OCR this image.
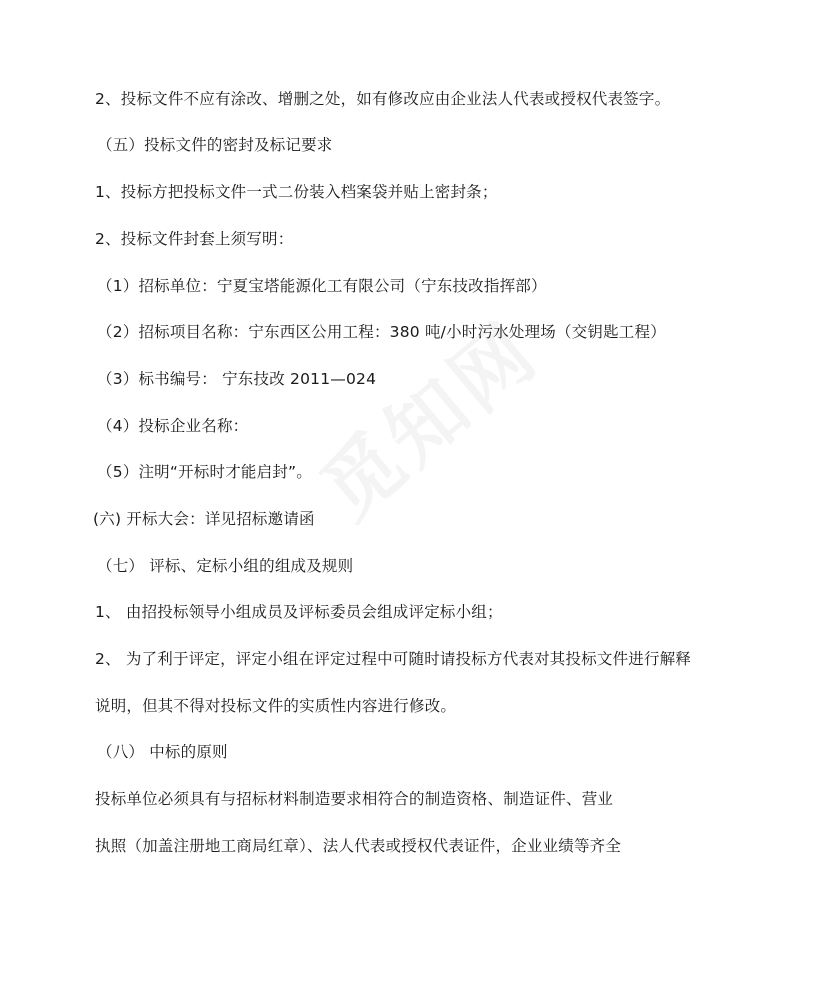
2、投标文件不应有涂改、增删之处，如有修改应由企业法人代表或授权代表签字。
（五）投标文件的密封及标记要求
1、投标方把投标文件一式二份装入档案袋并贴上密封条；
2、投标文件封套上须写明：
（1）招标单位：宁夏宝塔能源化工有限公司（宁东技改指挥部）
（2）招标项目名称：宁东西区公用工程：380 吨/小时污水处理场（交钥匙工程）
（3）标书编号： 宁东技改 2011—024
（4）投标企业名称：
（5）注明“开标时才能启封”。
(六) 开标大会：详见招标邀请函
（七） 评标、定标小组的组成及规则
1、 由招投标领导小组成员及评标委员会组成评定标小组；
2、 为了利于评定，评定小组在评定过程中可随时请投标方代表对其投标文件进行解释
说明，但其不得对投标文件的实质性内容进行修改。
（八） 中标的原则
投标单位必须具有与招标材料制造要求相符合的制造资格、制造证件、营业
执照（加盖注册地工商局红章）、法人代表或授权代表证件，企业业绩等齐全
